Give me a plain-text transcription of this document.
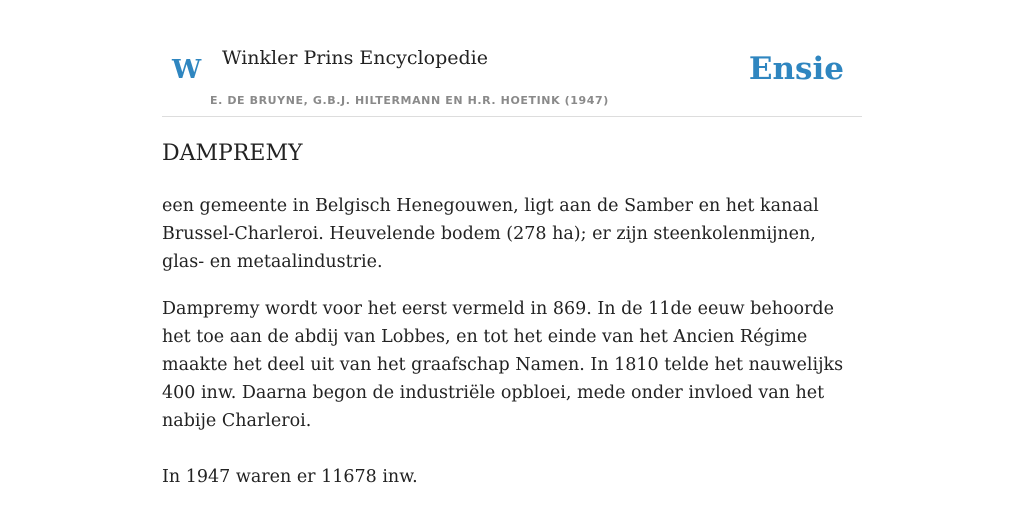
W Winkler Prins Encyclopedie
E. DE BRUYNE, G.B.J. HILTERMANN EN H.R. HOETINK (1947)
Ensie
DAMPREMY

een gemeente in Belgisch Henegouwen, ligt aan de Samber en het kanaal Brussel-Charleroi. Heuvelende bodem (278 ha); er zijn steenkolenmijnen, glas- en metaalindustrie.

Dampremy wordt voor het eerst vermeld in 869. In de 11de eeuw behoorde het toe aan de abdij van Lobbes, en tot het einde van het Ancien Régime maakte het deel uit van het graafschap Namen. In 1810 telde het nauwelijks 400 inw. Daarna begon de industriële opbloei, mede onder invloed van het nabije Charleroi.

In 1947 waren er 11678 inw.
